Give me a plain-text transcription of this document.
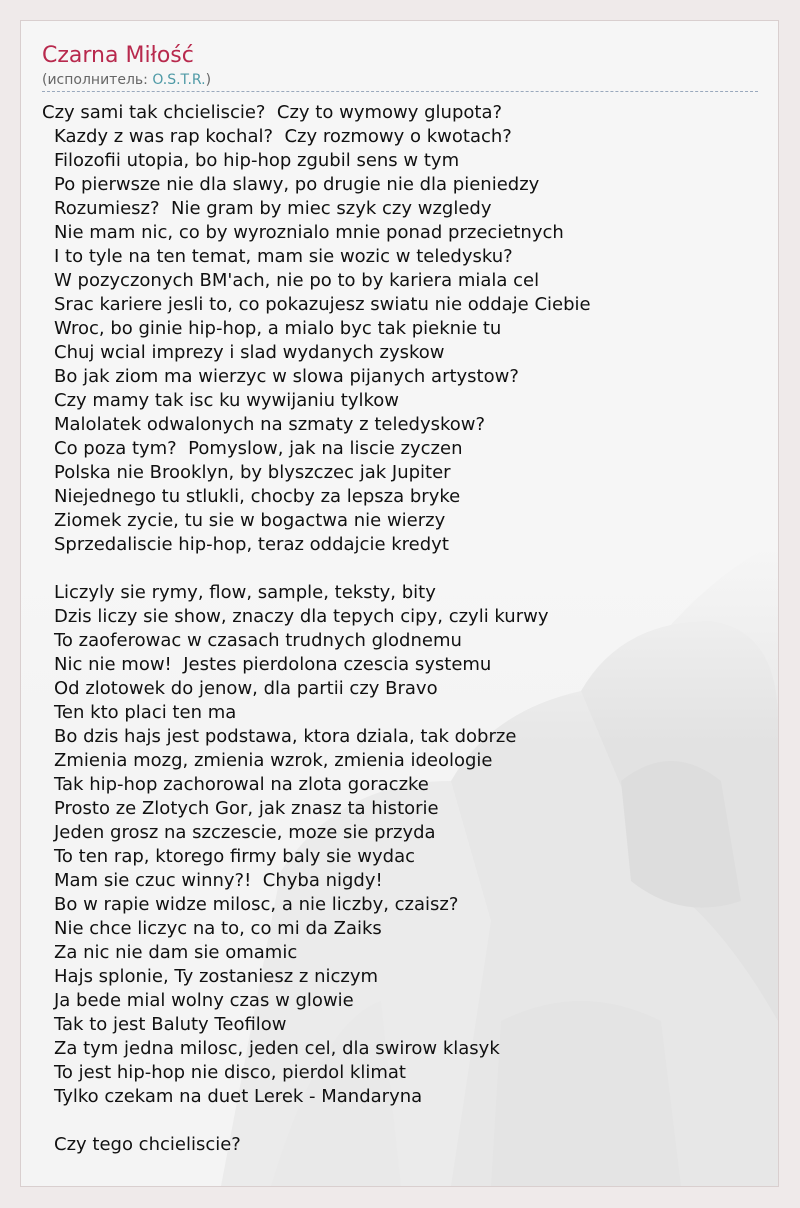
Czarna Miłość

(исполнитель: O.S.T.R.)

Czy sami tak chcieliscie?  Czy to wymowy glupota?
Kazdy z was rap kochal?  Czy rozmowy o kwotach?
Filozofii utopia, bo hip-hop zgubil sens w tym
Po pierwsze nie dla slawy, po drugie nie dla pieniedzy
Rozumiesz?  Nie gram by miec szyk czy wzgledy
Nie mam nic, co by wyroznialo mnie ponad przecietnych
I to tyle na ten temat, mam sie wozic w teledysku?
W pozyczonych BM'ach, nie po to by kariera miala cel
Srac kariere jesli to, co pokazujesz swiatu nie oddaje Ciebie
Wroc, bo ginie hip-hop, a mialo byc tak pieknie tu
Chuj wcial imprezy i slad wydanych zyskow
Bo jak ziom ma wierzyc w slowa pijanych artystow?
Czy mamy tak isc ku wywijaniu tylkow
Malolatek odwalonych na szmaty z teledyskow?
Co poza tym?  Pomyslow, jak na liscie zyczen
Polska nie Brooklyn, by blyszczec jak Jupiter
Niejednego tu stlukli, chocby za lepsza bryke
Ziomek zycie, tu sie w bogactwa nie wierzy
Sprzedaliscie hip-hop, teraz oddajcie kredyt
Liczyly sie rymy, flow, sample, teksty, bity
Dzis liczy sie show, znaczy dla tepych cipy, czyli kurwy
To zaoferowac w czasach trudnych glodnemu
Nic nie mow!  Jestes pierdolona czescia systemu
Od zlotowek do jenow, dla partii czy Bravo
Ten kto placi ten ma
Bo dzis hajs jest podstawa, ktora dziala, tak dobrze
Zmienia mozg, zmienia wzrok, zmienia ideologie
Tak hip-hop zachorowal na zlota goraczke
Prosto ze Zlotych Gor, jak znasz ta historie
Jeden grosz na szczescie, moze sie przyda
To ten rap, ktorego firmy baly sie wydac
Mam sie czuc winny?!  Chyba nigdy!
Bo w rapie widze milosc, a nie liczby, czaisz?
Nie chce liczyc na to, co mi da Zaiks
Za nic nie dam sie omamic
Hajs splonie, Ty zostaniesz z niczym
Ja bede mial wolny czas w glowie
Tak to jest Baluty Teofilow
Za tym jedna milosc, jeden cel, dla swirow klasyk
To jest hip-hop nie disco, pierdol klimat
Tylko czekam na duet Lerek - Mandaryna
Czy tego chcieliscie?
